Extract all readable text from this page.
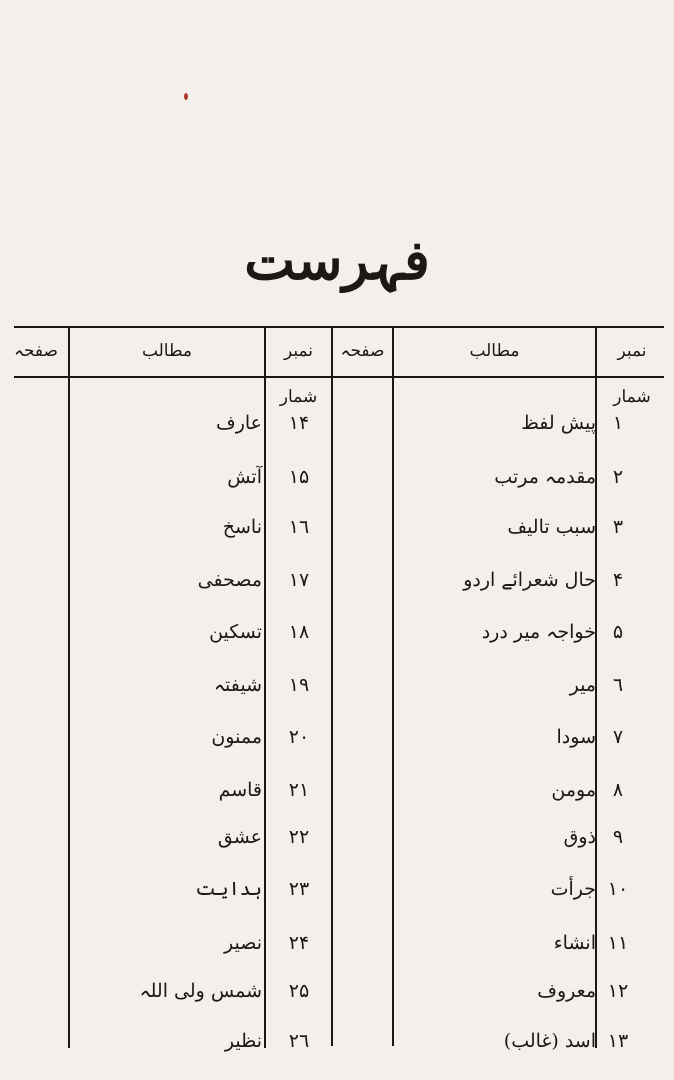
فہرست
نمبر شمار
مطالب
صفحہ
نمبر شمار
مطالب
صفحہ
١
پیش لفظ
٢
مقدمہ مرتب
٣
سبب تالیف
۴
حال شعرائے اردو
۵
خواجہ میر درد
٦
میر
٧
سودا
٨
مومن
٩
ذوق
١٠
جرأت
١١
انشاء
١٢
معروف
١٣
اسد (غالب)
١۴
عارف
١۵
آتش
١٦
ناسخ
١٧
مصحفی
١٨
تسکین
١٩
شیفتہ
٢٠
ممنون
٢١
قاسم
٢٢
عشق
٢٣
ہدایت
٢۴
نصیر
٢۵
شمس ولی اللہ
٢٦
نظیر
